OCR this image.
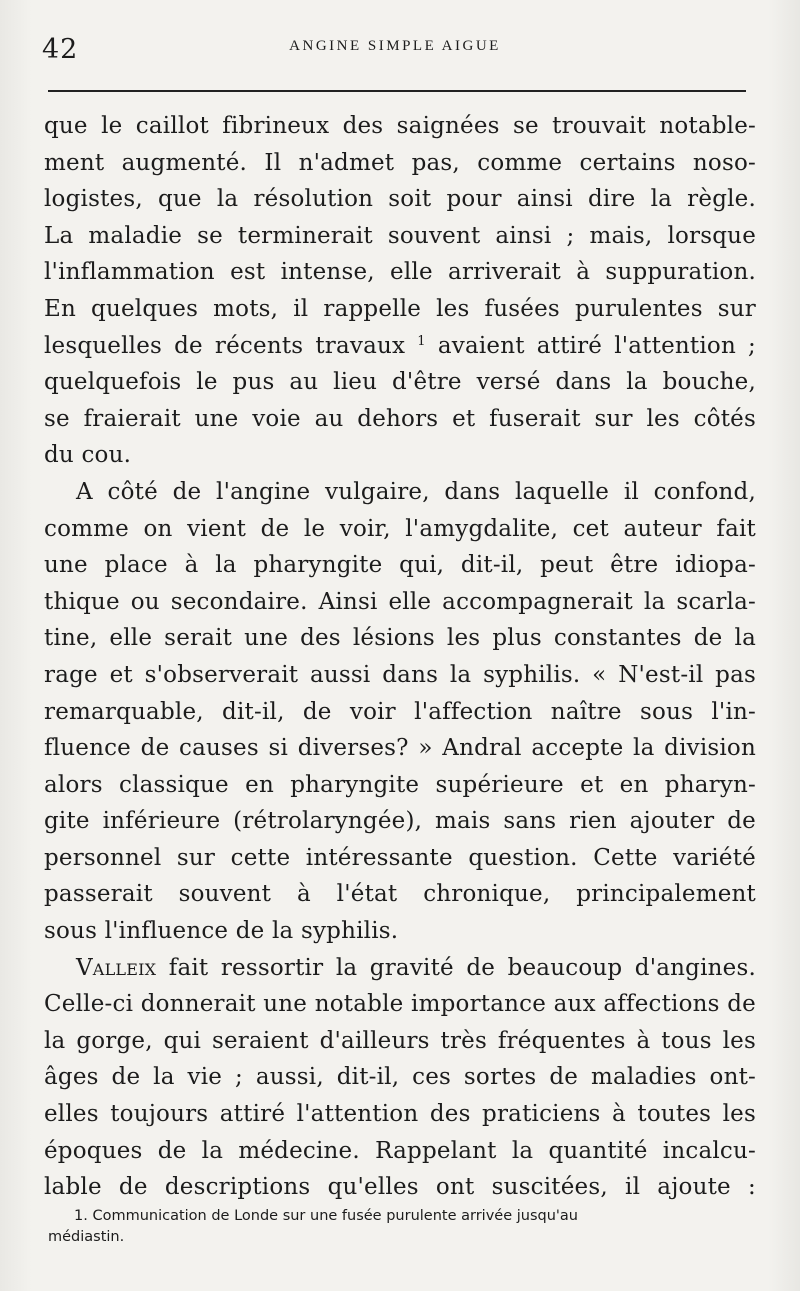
42	ANGINE SIMPLE AIGUE
que le caillot fibrineux des saignées se trouvait notable-
ment augmenté. Il n'admet pas, comme certains noso-
logistes, que la résolution soit pour ainsi dire la règle.
La maladie se terminerait souvent ainsi ; mais, lorsque
l'inflammation est intense, elle arriverait à suppuration.
En quelques mots, il rappelle les fusées purulentes sur
lesquelles de récents travaux $^1$ avaient attiré l'attention ;
quelquefois le pus au lieu d'être versé dans la bouche,
se fraierait une voie au dehors et fuserait sur les côtés
du cou.
A côté de l'angine vulgaire, dans laquelle il confond,
comme on vient de le voir, l'amygdalite, cet auteur fait
une place à la pharyngite qui, dit-il, peut être idiopa-
thique ou secondaire. Ainsi elle accompagnerait la scarla-
tine, elle serait une des lésions les plus constantes de la
rage et s'observerait aussi dans la syphilis. « N'est-il pas
remarquable, dit-il, de voir l'affection naître sous l'in-
fluence de causes si diverses? » Andral accepte la division
alors classique en pharyngite supérieure et en pharyn-
gite inférieure (rétrolaryngée), mais sans rien ajouter de
personnel sur cette intéressante question. Cette variété
passerait souvent à l'état chronique, principalement
sous l'influence de la syphilis.
Valleix fait ressortir la gravité de beaucoup d'angines.
Celle-ci donnerait une notable importance aux affections de
la gorge, qui seraient d'ailleurs très fréquentes à tous les
âges de la vie ; aussi, dit-il, ces sortes de maladies ont-
elles toujours attiré l'attention des praticiens à toutes les
époques de la médecine. Rappelant la quantité incalcu-
lable de descriptions qu'elles ont suscitées, il ajoute :
1. Communication de Londe sur une fusée purulente arrivée jusqu'au
médiastin.
